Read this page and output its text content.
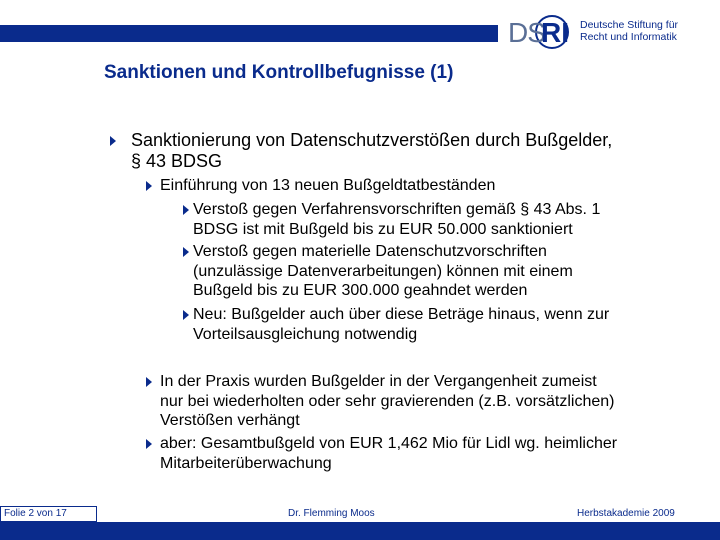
DS
RI Deutsche Stiftung für
Recht und Informatik
Sanktionen und Kontrollbefugnisse (1)
Sanktionierung von Datenschutzverstößen durch Bußgelder,
§ 43 BDSG
Einführung von 13 neuen Bußgeldtatbeständen
Verstoß gegen Verfahrensvorschriften gemäß § 43 Abs. 1
BDSG ist mit Bußgeld bis zu EUR 50.000 sanktioniert
Verstoß gegen materielle Datenschutzvorschriften
(unzulässige Datenverarbeitungen) können mit einem
Bußgeld bis zu EUR 300.000 geahndet werden
Neu: Bußgelder auch über diese Beträge hinaus, wenn zur
Vorteilsausgleichung notwendig
In der Praxis wurden Bußgelder in der Vergangenheit zumeist
nur bei wiederholten oder sehr gravierenden (z.B. vorsätzlichen)
Verstößen verhängt
aber: Gesamtbußgeld von EUR 1,462 Mio für Lidl wg. heimlicher
Mitarbeiterüberwachung
Folie 2 von 17	Dr. Flemming Moos	Herbstakademie 2009
